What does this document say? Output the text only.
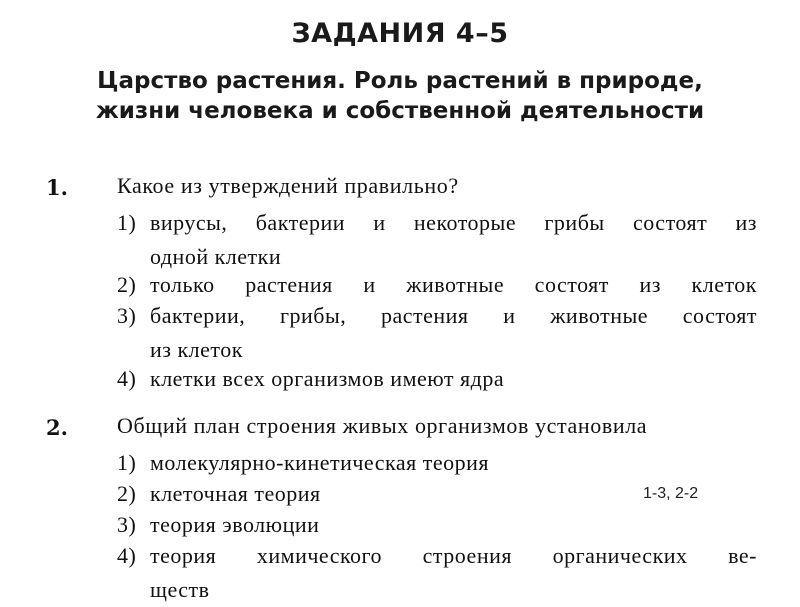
ЗАДАНИЯ 4–5
Царство растения. Роль растений в природе,
жизни человека и собственной деятельности
1. Какое из утверждений правильно?
1) вирусы, бактерии и некоторые грибы состоят из
одной клетки
2) только растения и животные состоят из клеток
3) бактерии, грибы, растения и животные состоят
из клеток
4) клетки всех организмов имеют ядра
2. Общий план строения живых организмов установила
1) молекулярно-кинетическая теория
2) клеточная теория
3) теория эволюции
4) теория химического строения органических ве-
ществ
1-3, 2-2
